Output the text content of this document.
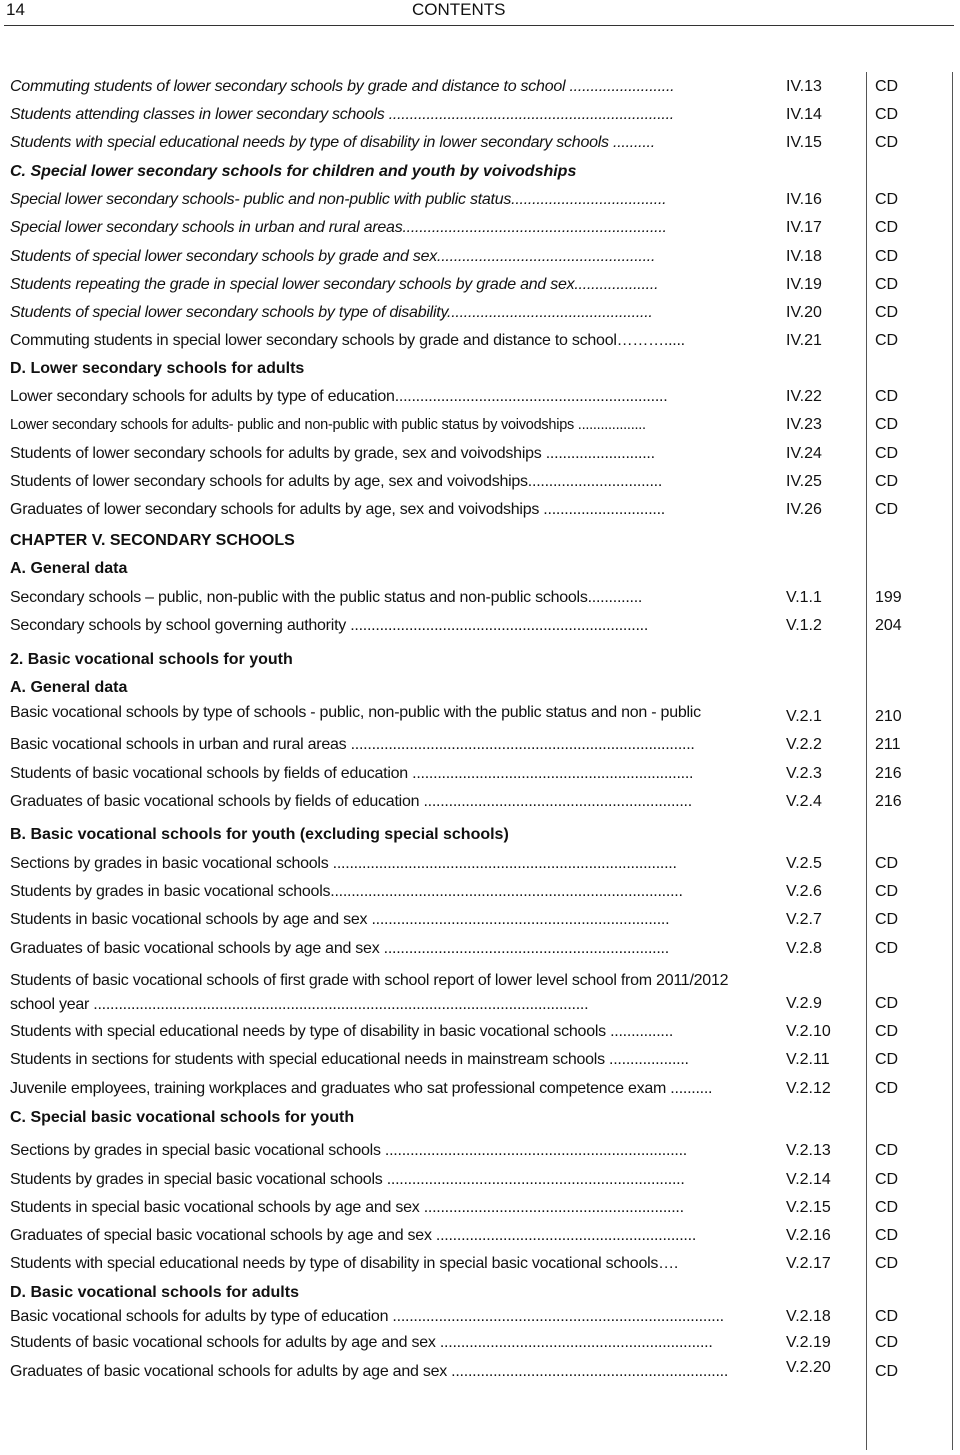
14	CONTENTS
Commuting students of lower secondary schools by grade and distance to school .........................	IV.13	CD
Students attending classes in lower secondary schools ....................................................................	IV.14	CD
Students with special educational needs by type of disability in lower secondary schools ..........	IV.15	CD
C. Special lower secondary schools for children and youth by voivodships
Special lower secondary schools- public and non-public with public status.....................................	IV.16	CD
Special lower secondary schools in urban and rural areas...............................................................	IV.17	CD
Students of special lower secondary schools by grade and sex....................................................	IV.18	CD
Students repeating the grade in special lower secondary schools by grade and sex....................	IV.19	CD
Students of special lower secondary schools by type of disability.................................................	IV.20	CD
Commuting students in special lower secondary schools by grade and distance to school……….....	IV.21	CD
D. Lower secondary schools for adults
Lower secondary schools for adults by type of education.................................................................	IV.22	CD
Lower secondary schools for adults- public and non-public with public status by voivodships ..................	IV.23	CD
Students of lower secondary schools for adults by grade, sex and voivodships ..........................	IV.24	CD
Students of lower secondary schools for adults by age, sex and voivodships................................	IV.25	CD
Graduates of lower secondary schools for adults by age, sex and voivodships .............................	IV.26	CD
CHAPTER V. SECONDARY SCHOOLS
A. General data
Secondary schools – public, non-public with the public status and non-public schools.............	V.1.1	199
Secondary schools by school governing authority .......................................................................	V.1.2	204
2. Basic vocational schools for youth
A. General data
Basic vocational schools by type of schools - public, non-public with the public status and non - public	V.2.1	210
Basic vocational schools in urban and rural areas ..................................................................................	V.2.2	211
Students of basic vocational schools by fields of education ...................................................................	V.2.3	216
Graduates of basic vocational schools by fields of education ................................................................	V.2.4	216
B. Basic vocational schools for youth (excluding special schools)
Sections by grades in basic vocational schools ..................................................................................	V.2.5	CD
Students by grades in basic vocational schools....................................................................................	V.2.6	CD
Students in basic vocational schools by age and sex .......................................................................	V.2.7	CD
Graduates of basic vocational schools by age and sex ....................................................................	V.2.8	CD
Students of basic vocational schools of first grade with school report of lower level school from 2011/2012 school year ......................................................................................................................	V.2.9	CD
Students with special educational needs by type of disability in basic vocational schools ...............	V.2.10	CD
Students in sections for students with special educational needs in mainstream schools ...................	V.2.11	CD
Juvenile employees, training workplaces and graduates who sat professional competence exam ..........	V.2.12	CD
C. Special basic vocational schools for youth
Sections by grades in special basic vocational schools ........................................................................	V.2.13	CD
Students by grades in special basic vocational schools .......................................................................	V.2.14	CD
Students in special basic vocational schools by age and sex ..............................................................	V.2.15	CD
Graduates of special basic vocational schools by age and sex ..............................................................	V.2.16	CD
Students with special educational needs by type of disability in special basic vocational schools….	V.2.17	CD
D. Basic vocational schools for adults
Basic vocational schools for adults by type of education ...............................................................................	V.2.18	CD
Students of basic vocational schools for adults by age and sex .................................................................	V.2.19	CD
Graduates of basic vocational schools for adults by age and sex ..................................................................	V.2.20	CD
